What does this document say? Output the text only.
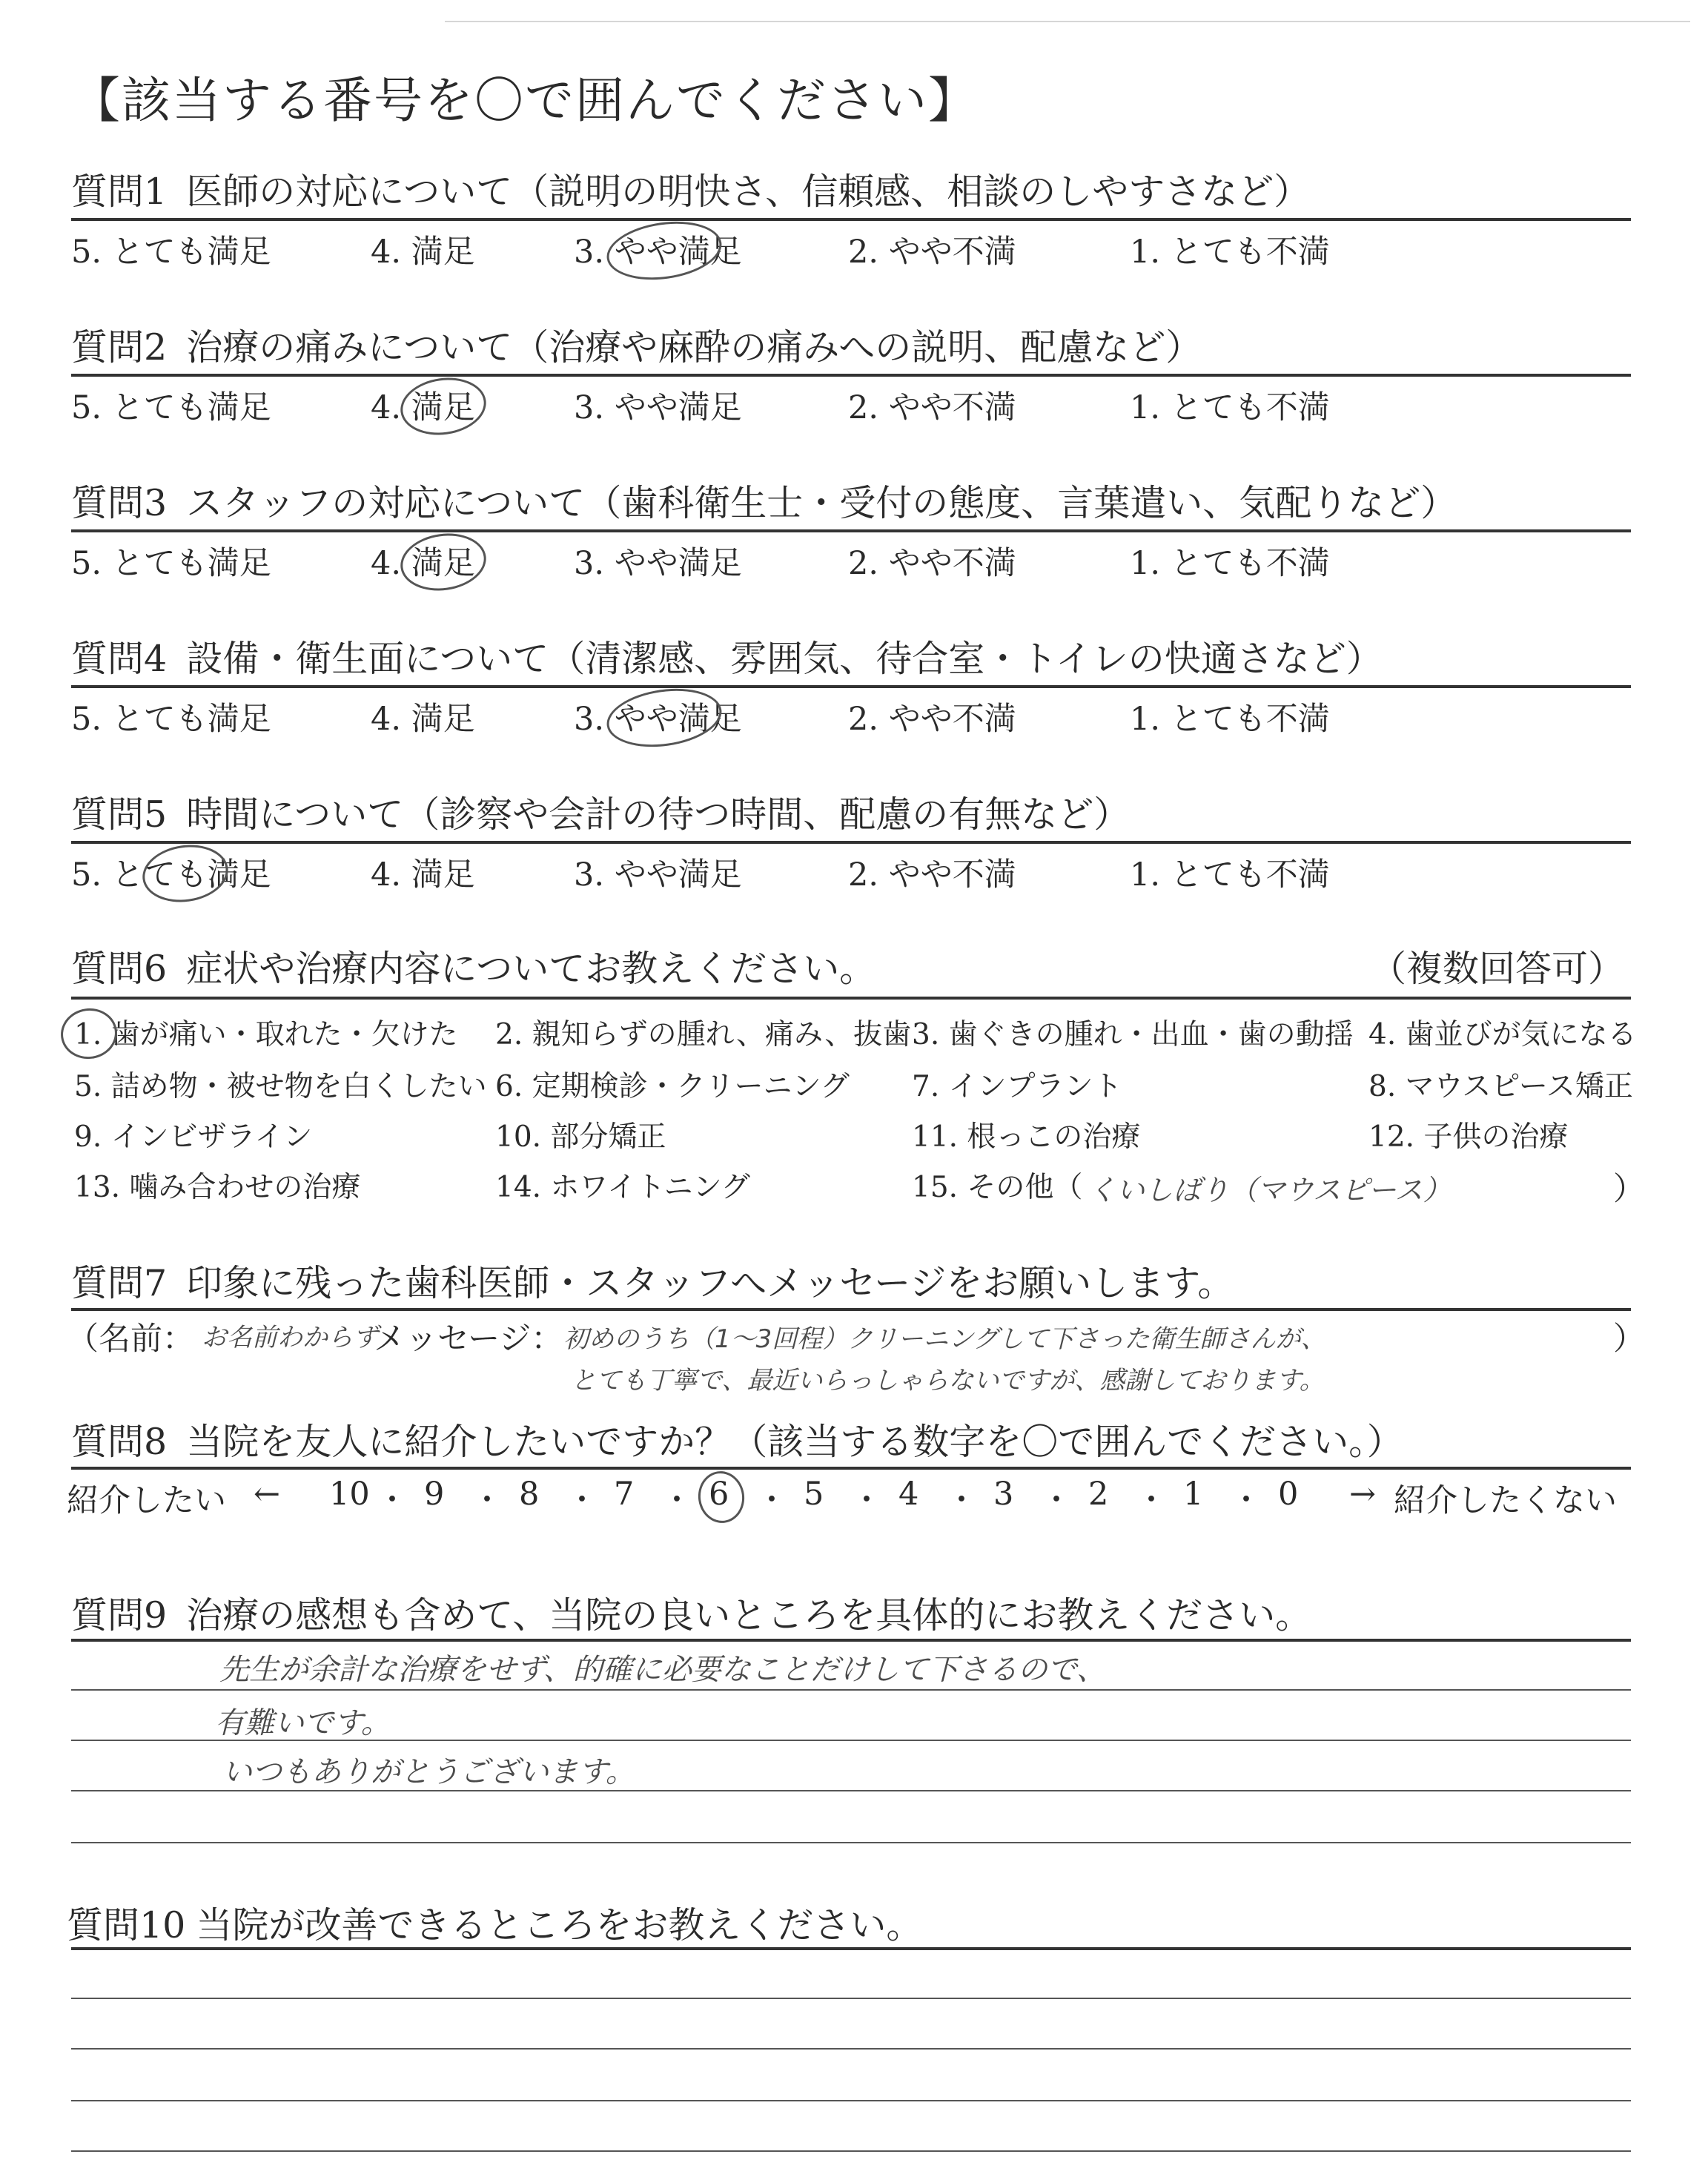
【該当する番号を〇で囲んでください】
質問1 医師の対応について（説明の明快さ、信頼感、相談のしやすさなど）
5. とても満足	4. 満足	3. やや満足	2. やや不満	1. とても不満
質問2 治療の痛みについて（治療や麻酔の痛みへの説明、配慮など）
5. とても満足	4. 満足	3. やや満足	2. やや不満	1. とても不満
質問3 スタッフの対応について（歯科衛生士・受付の態度、言葉遣い、気配りなど）
5. とても満足	4. 満足	3. やや満足	2. やや不満	1. とても不満
質問4 設備・衛生面について（清潔感、雰囲気、待合室・トイレの快適さなど）
5. とても満足	4. 満足	3. やや満足	2. やや不満	1. とても不満
質問5 時間について（診察や会計の待つ時間、配慮の有無など）
5. とても満足	4. 満足	3. やや満足	2. やや不満	1. とても不満
質問6 症状や治療内容についてお教えください。	（複数回答可）
1. 歯が痛い・取れた・欠けた 2. 親知らずの腫れ、痛み、抜歯 3. 歯ぐきの腫れ・出血・歯の動揺 4. 歯並びが気になる
5. 詰め物・被せ物を白くしたい 6. 定期検診・クリーニング 7. インプラント	8. マウスピース矯正
9. インビザライン	10. 部分矯正	11. 根っこの治療	12. 子供の治療
13. 噛み合わせの治療	14. ホワイトニング	15. その他（	）
くいしばり（マウスピース）
質問7 印象に残った歯科医師・スタッフへメッセージをお願いします。
（名前： お名前わからず
メッセージ： 初めのうち（1〜3回程）クリーニングして下さった衛生師さんが、
とても丁寧で、最近いらっしゃらないですが、感謝しております。
）
質問8 当院を友人に紹介したいですか？（該当する数字を〇で囲んでください。）
紹介したい ← 10 ・ 9 ・ 8 ・ 7 ・ 6 ・ 5 ・ 4 ・ 3 ・ 2 ・ 1 ・ 0 → 紹介したくない
質問9 治療の感想も含めて、当院の良いところを具体的にお教えください。
先生が余計な治療をせず、的確に必要なことだけして下さるので、
有難いです。
いつもありがとうございます。
質問10 当院が改善できるところをお教えください。
